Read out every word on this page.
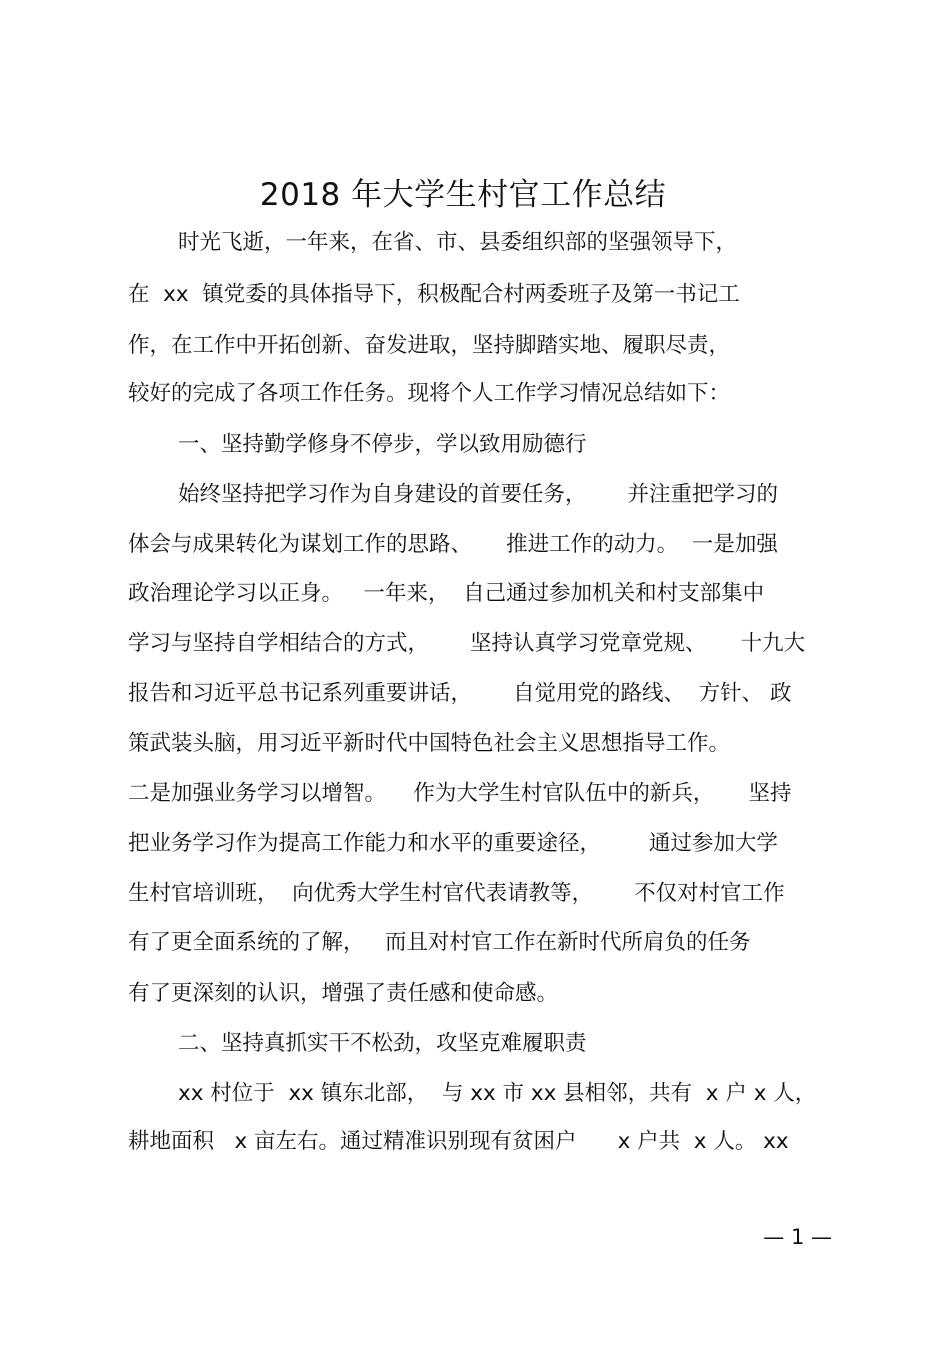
2018 年大学生村官工作总结

时光飞逝，一年来，在省、市、县委组织部的坚强领导下，

在  xx  镇党委的具体指导下，积极配合村两委班子及第一书记工

作，在工作中开拓创新、奋发进取，坚持脚踏实地、履职尽责，

较好的完成了各项工作任务。现将个人工作学习情况总结如下：

一、坚持勤学修身不停步，学以致用励德行

始终坚持把学习作为自身建设的首要任务，      并注重把学习的

体会与成果转化为谋划工作的思路、     推进工作的动力。  一是加强

政治理论学习以正身。   一年来，  自己通过参加机关和村支部集中

学习与坚持自学相结合的方式，      坚持认真学习党章党规、     十九大

报告和习近平总书记系列重要讲话，      自觉用党的路线、  方针、 政

策武装头脑，用习近平新时代中国特色社会主义思想指导工作。

二是加强业务学习以增智。    作为大学生村官队伍中的新兵，     坚持

把业务学习作为提高工作能力和水平的重要途径，       通过参加大学

生村官培训班，  向优秀大学生村官代表请教等，      不仅对村官工作

有了更全面系统的了解，   而且对村官工作在新时代所肩负的任务

有了更深刻的认识，增强了责任感和使命感。

二、坚持真抓实干不松劲，攻坚克难履职责

xx 村位于  xx 镇东北部，  与 xx 市 xx 县相邻，共有  x 户 x 人，

耕地面积   x 亩左右。通过精准识别现有贫困户      x 户共  x 人。 xx

— 1 —
